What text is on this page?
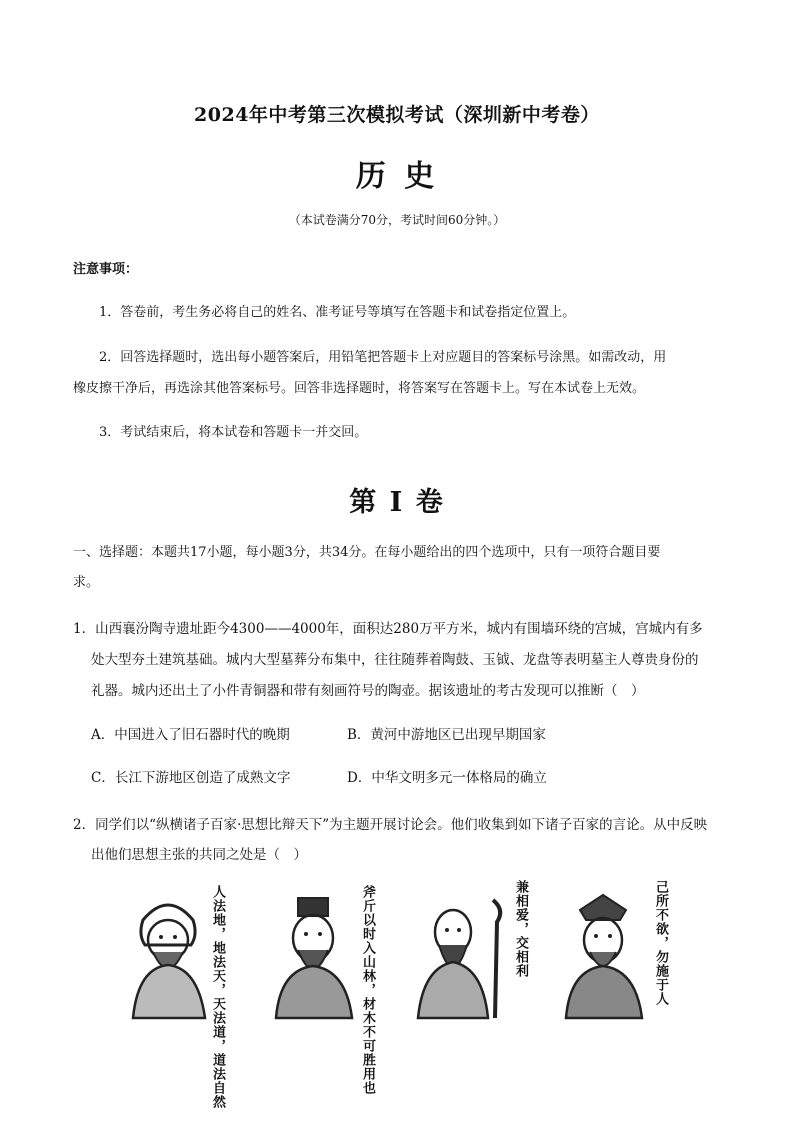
2024年中考第三次模拟考试（深圳新中考卷）
历 史
（本试卷满分70分，考试时间60分钟。）
注意事项：
1．答卷前，考生务必将自己的姓名、准考证号等填写在答题卡和试卷指定位置上。
2．回答选择题时，选出每小题答案后，用铅笔把答题卡上对应题目的答案标号涂黑。如需改动，用
橡皮擦干净后，再选涂其他答案标号。回答非选择题时，将答案写在答题卡上。写在本试卷上无效。
3．考试结束后，将本试卷和答题卡一并交回。
第 I 卷
一、选择题：本题共17小题，每小题3分，共34分。在每小题给出的四个选项中，只有一项符合题目要
求。
1．山西襄汾陶寺遗址距今4300——4000年，面积达280万平方米，城内有围墙环绕的宫城，宫城内有多
处大型夯土建筑基础。城内大型墓葬分布集中，往往随葬着陶鼓、玉钺、龙盘等表明墓主人尊贵身份的
礼器。城内还出土了小件青铜器和带有刻画符号的陶壶。据该遗址的考古发现可以推断（　）
A．中国进入了旧石器时代的晚期	B．黄河中游地区已出现早期国家
C．长江下游地区创造了成熟文字	D．中华文明多元一体格局的确立
2．同学们以“纵横诸子百家·思想比辩天下”为主题开展讨论会。他们收集到如下诸子百家的言论。从中反映
出他们思想主张的共同之处是（　）
人法地，地法天，天法道，道法自然	斧斤以时入山林，材木不可胜用也	兼相爱，交相利	己所不欲，勿施于人
